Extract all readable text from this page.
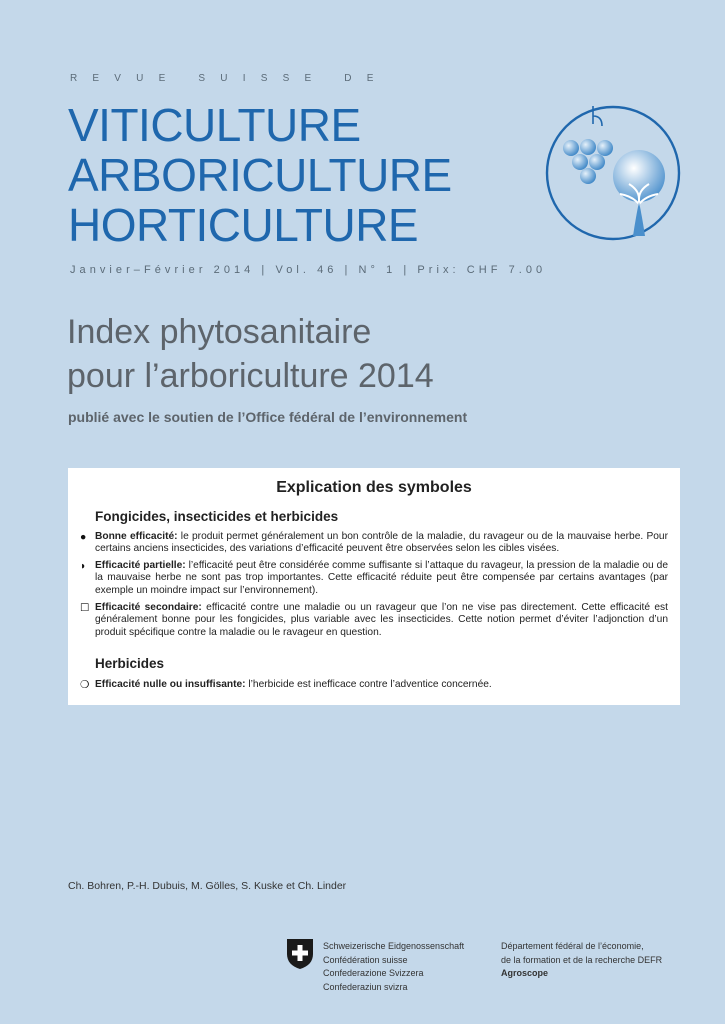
REVUE SUISSE DE
VITICULTURE
ARBORICULTURE
HORTICULTURE
Janvier–Février 2014 | Vol. 46 | N° 1 | Prix: CHF 7.00
Index phytosanitaire
pour l’arboriculture 2014
publié avec le soutien de l’Office fédéral de l’environnement
Explication des symboles
Fongicides, insecticides et herbicides
● Bonne efficacité: le produit permet généralement un bon contrôle de la maladie, du ravageur ou de la mauvaise herbe. Pour certains anciens insecticides, des variations d’efficacité peuvent être observées selon les cibles visées.
◗ Efficacité partielle: l’efficacité peut être considérée comme suffisante si l’attaque du ravageur, la pression de la maladie ou de la mauvaise herbe ne sont pas trop importantes. Cette efficacité réduite peut être compensée par certains avantages (par exemple un moindre impact sur l’environnement).
☐ Efficacité secondaire: efficacité contre une maladie ou un ravageur que l’on ne vise pas directement. Cette efficacité est généralement bonne pour les fongicides, plus variable avec les insecticides. Cette notion permet d’éviter l’adjonction d’un produit spécifique contre la maladie ou le ravageur en question.
Herbicides
❍ Efficacité nulle ou insuffisante: l’herbicide est inefficace contre l’adventice concernée.
Ch. Bohren, P.-H. Dubuis, M. Gölles, S. Kuske et Ch. Linder
Schweizerische Eidgenossenschaft
Confédération suisse
Confederazione Svizzera
Confederaziun svizra
Département fédéral de l’économie,
de la formation et de la recherche DEFR
Agroscope
